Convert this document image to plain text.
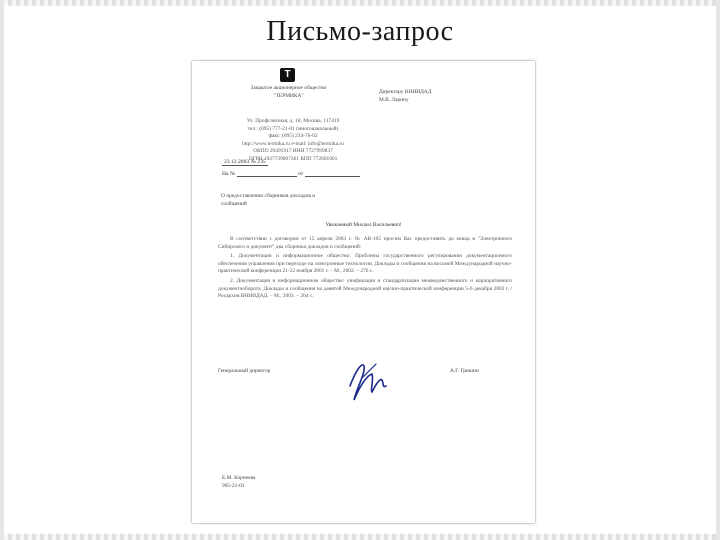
Письмо-запрос
Т
Закрытое акционерное общество
"ТЕРМИКА"
Ул. Профсоюзная, д. 18, Москва, 117419
тел.: (095) 777-21-01 (многоканальный)
факс: (095) 234-76-02
http://www.termika.ru e-mail: info@termika.ru
ОКПО 29491917 ИНН 7727999837
ОГРН 1027739007361 КПП 772601001
Директору ВНИИДАД
М.В. Ларину
23.12.2003 № 235
На №	от
О предоставлении сборников докладов и
сообщений
Уважаемый Михаил Васильевич!

В соответствии с договором от 15 апреля 2003 г. № АВ-105 просим Вас предоставить до конца в "Электронного Сибирского и документ" два сборника докладов и сообщений:

1. Документация и информационное общество: Проблемы государственного регулирования документационного обеспечения управления при переходе на электронные технологии. Доклады и сообщения на восьмой Международной научно-практической конференции 21-22 ноября 2001 г. – М., 2002. – 276 с.

2. Документация в информационном обществе: унификация и стандартизация межведомственного и корпоративного документооборота. Доклады и сообщения на девятой Международной научно-практической конференции 5-6 декабря 2002 г. / Росархив ВНИИДАД. – М., 2003. – 264 с.

Генеральный директор	А.Г. Гришин
Е.М. Корнеева
995-21-01
